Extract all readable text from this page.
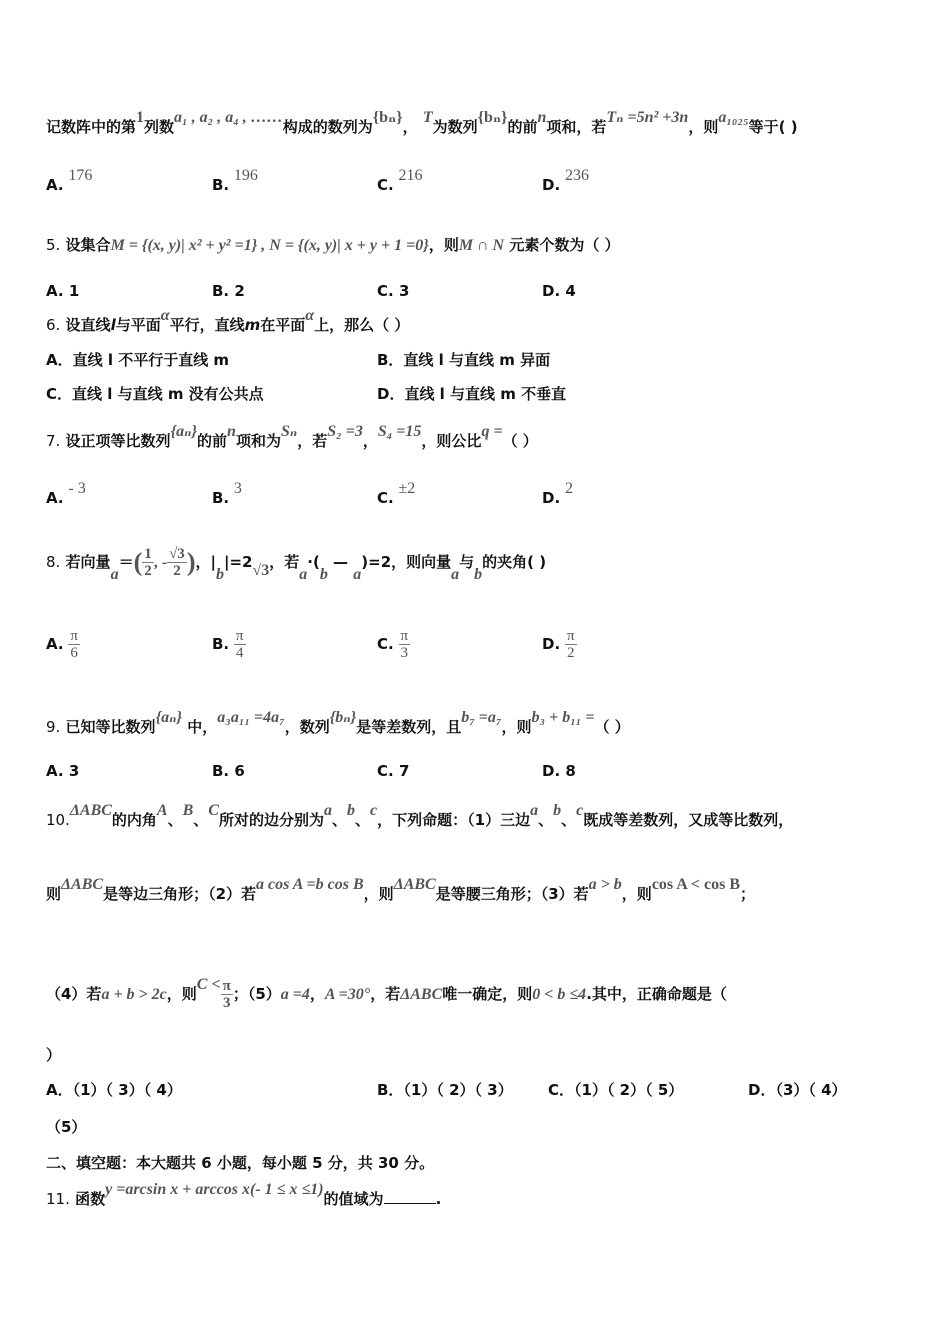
记数阵中的第1列数a₁ , a₂ , a₄ , ……构成的数列为{bₙ}， T为数列{bₙ}的前n项和，若Tₙ =5n² +3n，则a₁₀₂₅等于( )
A. 176
B. 196
C. 216
D. 236
5. 设集合M = {(x, y)| x² + y² =1} , N = {(x, y)| x + y + 1 =0}，则M ∩ N 元素个数为（ ）
A. 1	B. 2	C. 3	D. 4
6. 设直线l与平面α平行，直线m在平面α上，那么（ ）
A．直线 l 不平行于直线 m	B．直线 l 与直线 m 异面
C．直线 l 与直线 m 没有公共点	D．直线 l 与直线 m 不垂直
7. 设正项等比数列{aₙ}的前n项和为Sₙ，若S₂ =3，S₄ =15，则公比q =（ ）
A. - 3
B. 3
C. ±2
D. 2
8. 若向量$a=( \frac{1}{2}$ , - $\frac{√3}{2}$ )，|b|=2√3，若a·(b — a)=2，则向量a与b的夹角( )
A. $\frac{\pi}{6}$	B. $\frac{\pi}{4}$	C. $\frac{\pi}{3}$	D. $\frac{\pi}{2}$
9. 已知等比数列{aₙ} 中，a₃a₁₁ =4a₇，数列{bₙ}是等差数列，且b₇ =a₇，则b₃ + b₁₁ =（ ）
A. 3	B. 6	C. 7	D. 8
10.ΔABC的内角A、B、C所对的边分别为a、b、c，下列命题：（1）三边a、b、c既成等差数列，又成等比数列，
则ΔABC是等边三角形；（2）若a cos A =b cos B，则ΔABC是等腰三角形；（3）若a > b，则cos A < cos B；
（4）若a + b > 2c，则$C < \frac{\pi}{3}$ ；（5）a =4，A =30°，若ΔABC唯一确定，则0 < b ≤4.其中，正确命题是（
）
A．（1）（ 3）（ 4）	B．（1）（ 2）（ 3） C．（1）（ 2）（ 5）	D．（3）（ 4）
（5）
二、填空题：本大题共 6 小题，每小题 5 分，共 30 分。
11. 函数y =arcsin x + arccos x(- 1 ≤ x ≤1)的值域为	.
